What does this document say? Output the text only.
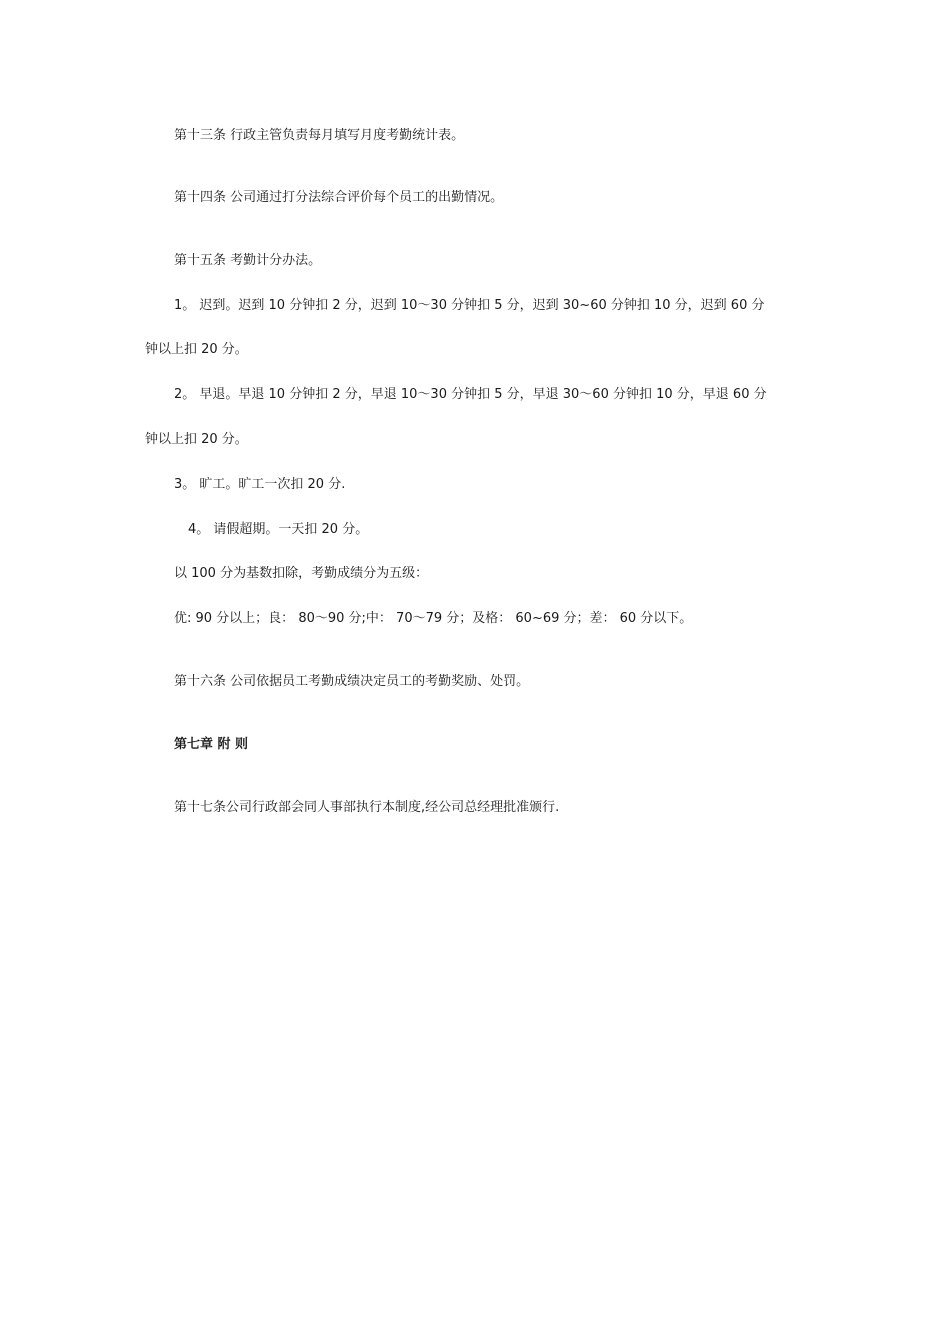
第十三条 行政主管负责每月填写月度考勤统计表。
第十四条 公司通过打分法综合评价每个员工的出勤情况。
第十五条 考勤计分办法。
1。 迟到。迟到 10 分钟扣 2 分，迟到 10～30 分钟扣 5 分，迟到 30~60 分钟扣 10 分，迟到 60 分
钟以上扣 20 分。
2。 早退。早退 10 分钟扣 2 分，早退 10～30 分钟扣 5 分，早退 30～60 分钟扣 10 分，早退 60 分
钟以上扣 20 分。
3。 旷工。旷工一次扣 20 分.
4。 请假超期。一天扣 20 分。
以 100 分为基数扣除，考勤成绩分为五级：
优: 90 分以上；良： 80～90 分;中： 70～79 分；及格： 60~69 分；差： 60 分以下。
第十六条 公司依据员工考勤成绩决定员工的考勤奖励、处罚。
第七章 附 则
第十七条公司行政部会同人事部执行本制度,经公司总经理批准颁行.
